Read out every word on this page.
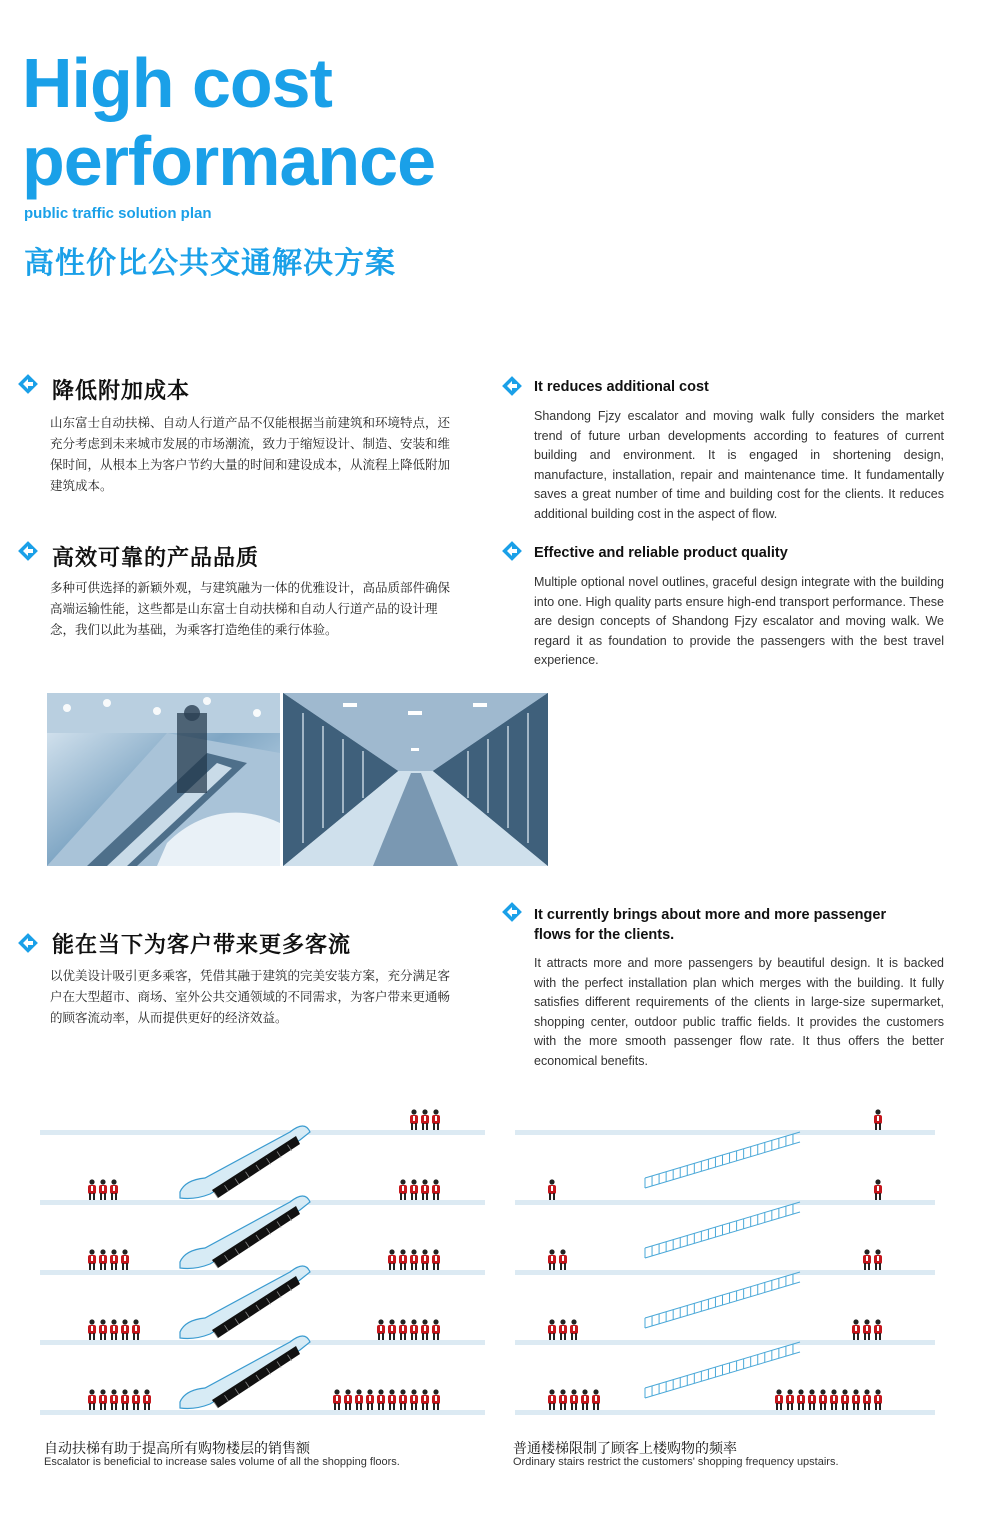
High cost
performance
public traffic solution plan
高性价比公共交通解决方案
降低附加成本
山东富士自动扶梯、自动人行道产品不仅能根据当前建筑和环境特点，还充分考虑到未来城市发展的市场潮流，致力于缩短设计、制造、安装和维保时间，从根本上为客户节约大量的时间和建设成本，从流程上降低附加建筑成本。
It reduces additional cost
Shandong Fjzy escalator and moving walk fully considers the market trend of future urban developments according to features of current building and environment. It is engaged in shortening design, manufacture, installation, repair and maintenance time. It fundamentally saves a great number of time and building cost for the clients. It reduces additional building cost in the aspect of flow.
高效可靠的产品品质
多种可供选择的新颖外观，与建筑融为一体的优雅设计，高品质部件确保高端运输性能，这些都是山东富士自动扶梯和自动人行道产品的设计理念，我们以此为基础，为乘客打造绝佳的乘行体验。
Effective and reliable product quality
Multiple optional novel outlines, graceful design integrate with the building into one. High quality parts ensure high-end transport performance. These are design concepts of Shandong Fjzy escalator and moving walk. We regard it as foundation to provide the passengers with the best travel experience.
能在当下为客户带来更多客流
以优美设计吸引更多乘客，凭借其融于建筑的完美安装方案，充分满足客户在大型超市、商场、室外公共交通领域的不同需求，为客户带来更通畅的顾客流动率，从而提供更好的经济效益。
It currently brings about more and more passenger
flows for the clients.
It attracts more and more passengers by beautiful design. It is backed with the perfect installation plan which merges with the building. It fully satisfies different requirements of the clients in large-size supermarket, shopping center, outdoor public traffic fields. It provides the customers with the more smooth passenger flow rate. It thus offers the better economical benefits.
自动扶梯有助于提高所有购物楼层的销售额
Escalator is beneficial to increase sales volume of all the shopping floors.
普通楼梯限制了顾客上楼购物的频率
Ordinary stairs restrict the customers' shopping frequency upstairs.
